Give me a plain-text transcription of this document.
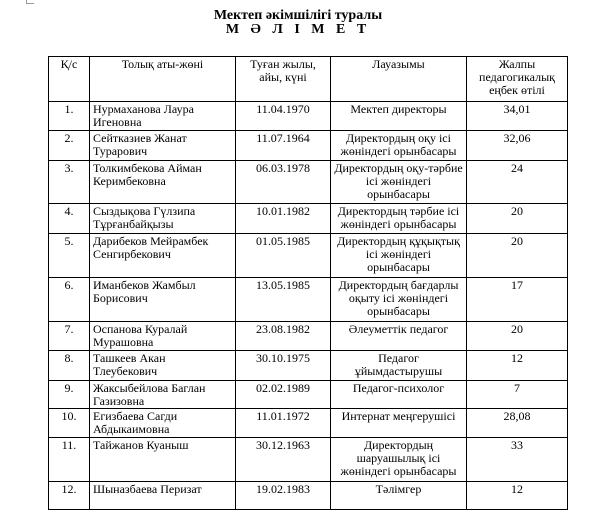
Мектеп әкімшілігі туралы
М Ә Л І М Е Т
Қ/с	Толық аты-жөні	Туған жылы, айы, күні	Лауазымы	Жалпы педагогикалық еңбек өтілі
1.	Нурмаханова Лаура Игеновна	11.04.1970	Мектеп директоры	34,01
2.	Сейтказиев Жанат Турарович	11.07.1964	Директордың оқу ісі жөніндегі орынбасары	32,06
3.	Толкимбекова Айман Керимбековна	06.03.1978	Директордың оқу-тәрбие ісі жөніндегі орынбасары	24
4.	Сыздықова Гүлзипа Тұрғанбайқызы	10.01.1982	Директордың тәрбие ісі жөніндегі орынбасары	20
5.	Дарибеков Мейрамбек Сенгирбекович	01.05.1985	Директордың құқықтық ісі жөніндегі орынбасары	20
6.	Иманбеков Жамбыл Борисович	13.05.1985	Директордың бағдарлы оқыту ісі жөніндегі орынбасары	17
7.	Оспанова Куралай Мурашовна	23.08.1982	Әлеуметтік педагог	20
8.	Ташкеев Акан Тлеубекович	30.10.1975	Педагог ұйымдастырушы	12
9.	Жаксыбейлова Баглан Газизовна	02.02.1989	Педагог-психолог	7
10.	Егизбаева Сагди Абдыкаимовна	11.01.1972	Интернат меңгерушісі	28,08
11.	Тайжанов Куаныш	30.12.1963	Директордың шаруашылық ісі жөніндегі орынбасары	33
12.	Шыназбаева Перизат	19.02.1983	Тәлімгер	12
